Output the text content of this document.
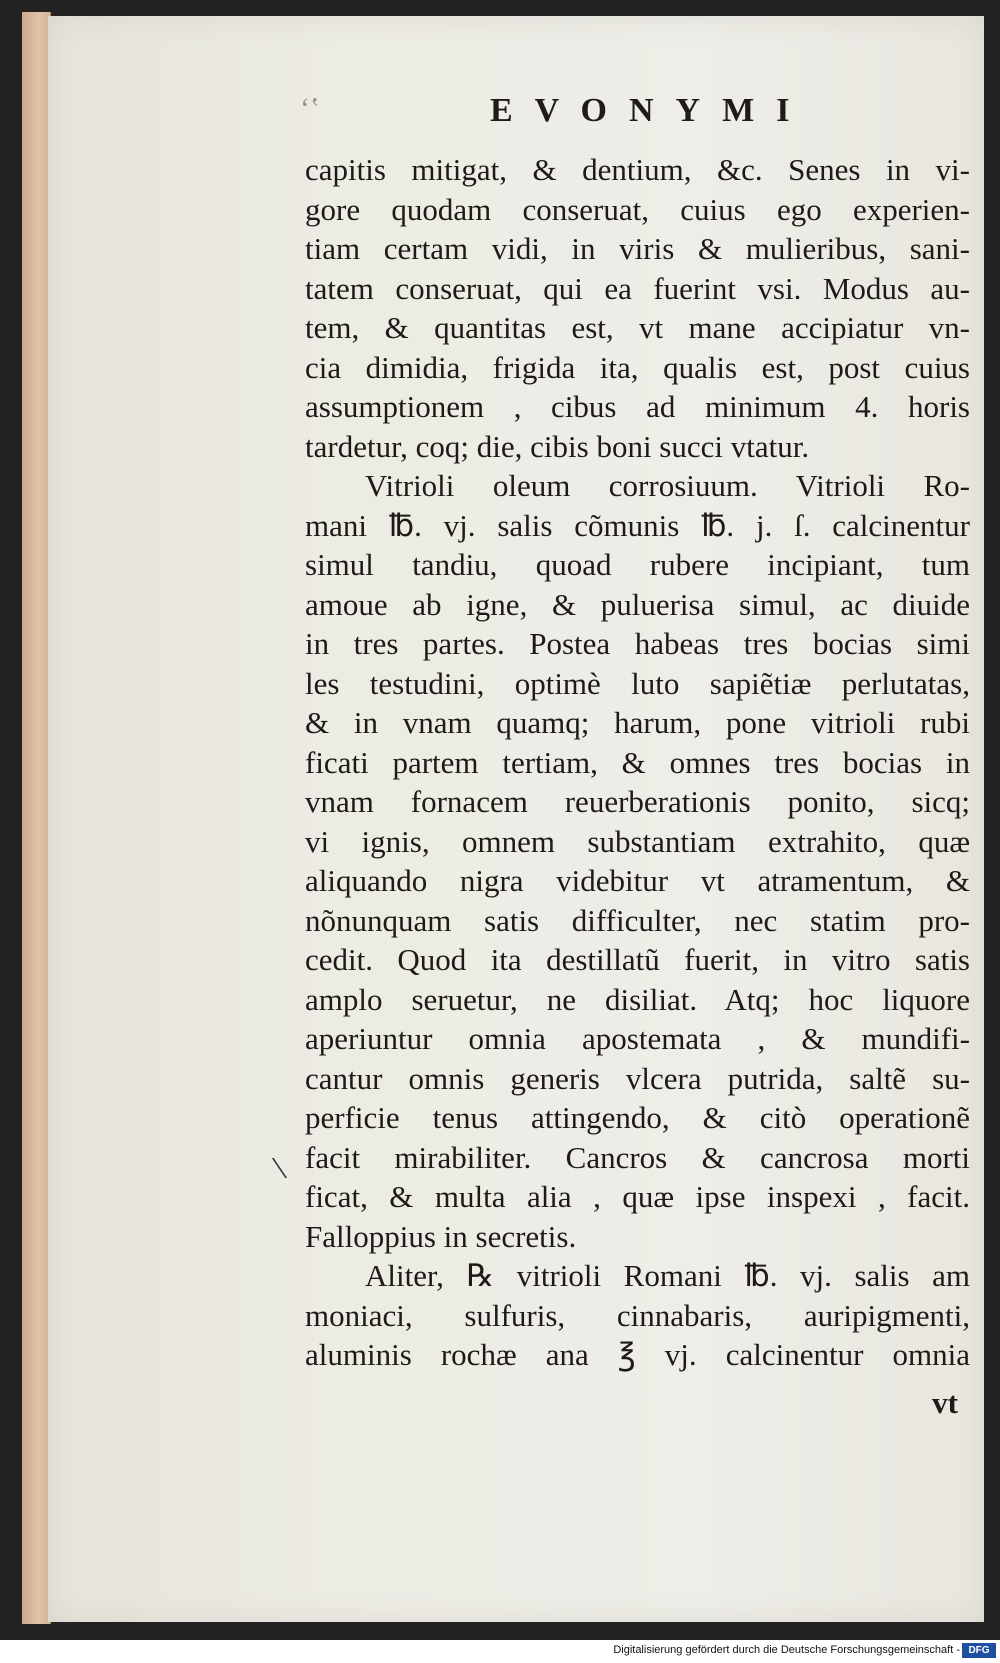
ʻʽ	EVONYMI
capitis mitigat, & dentium, &c. Senes in vi-
gore quodam conseruat, cuius ego experien-
tiam certam vidi, in viris & mulieribus, sani-
tatem conseruat, qui ea fuerint vsi. Modus au-
tem, & quantitas est, vt mane accipiatur vn-
cia dimidia, frigida ita, qualis est, post cuius
assumptionem , cibus ad minimum 4. horis
tardetur, coq; die, cibis boni succi vtatur.
Vitrioli oleum corrosiuum. Vitrioli Ro-
mani ℔. vj. salis cõmunis ℔. j. ſ. calcinentur
simul tandiu, quoad rubere incipiant, tum
amoue ab igne, & puluerisa simul, ac diuide
in tres partes. Postea habeas tres bocias simi
les testudini, optimè luto sapiẽtiæ perlutatas,
& in vnam quamq; harum, pone vitrioli rubi
ficati partem tertiam, & omnes tres bocias in
vnam fornacem reuerberationis ponito, sicq;
vi ignis, omnem substantiam extrahito, quæ
aliquando nigra videbitur vt atramentum, &
nõnunquam satis difficulter, nec statim pro-
cedit. Quod ita destillatũ fuerit, in vitro satis
amplo seruetur, ne disiliat. Atq; hoc liquore
aperiuntur omnia apostemata , & mundifi-
cantur omnis generis vlcera putrida, saltẽ su-
perficie tenus attingendo, & citò operationẽ
facit mirabiliter. Cancros & cancrosa morti
ficat, & multa alia , quæ ipse inspexi , facit.
Falloppius in secretis.
Aliter, ℞ vitrioli Romani ℔. vj. salis am
moniaci, sulfuris, cinnabaris, auripigmenti,
aluminis rochæ ana ℥ vj. calcinentur omnia
vt
\
Digitalisierung gefördert durch die Deutsche Forschungsgemeinschaft - DFG
